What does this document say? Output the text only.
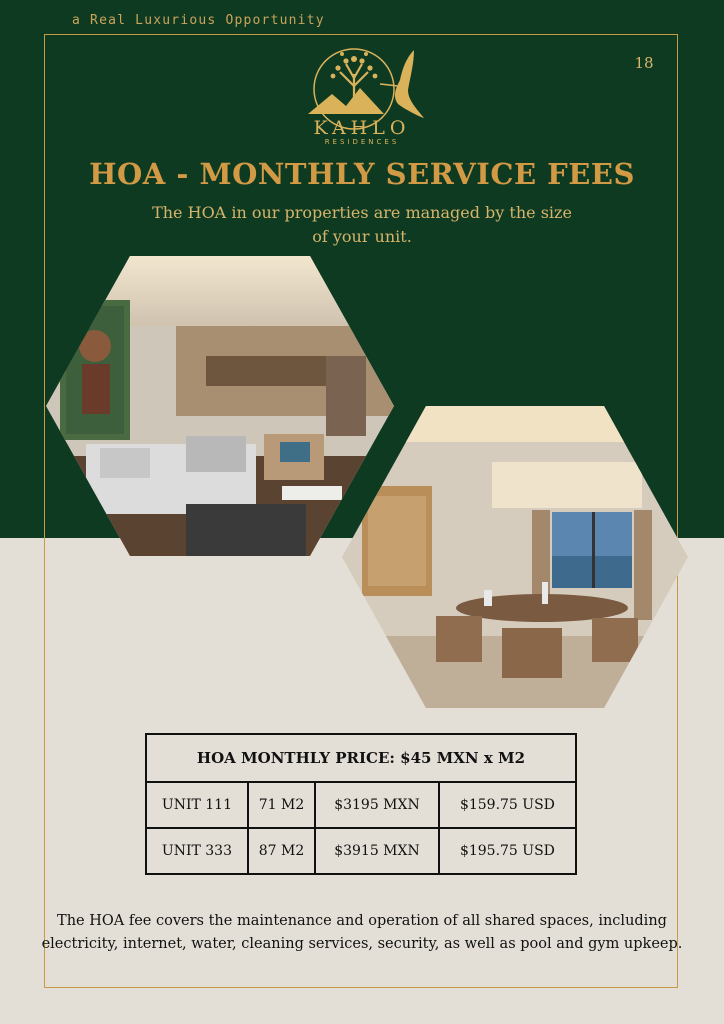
a Real Luxurious Opportunity
18
KAHLO
RESIDENCES
HOA - MONTHLY SERVICE FEES
The HOA in our properties are managed by the size of your unit.
HOA MONTHLY PRICE: $45 MXN x M2			
UNIT 111	71 M2	$3195 MXN	$159.75 USD
UNIT 333	87 M2	$3915 MXN	$195.75 USD
The HOA fee covers the maintenance and operation of all shared spaces, including electricity, internet, water, cleaning services, security, as well as pool and gym upkeep.
